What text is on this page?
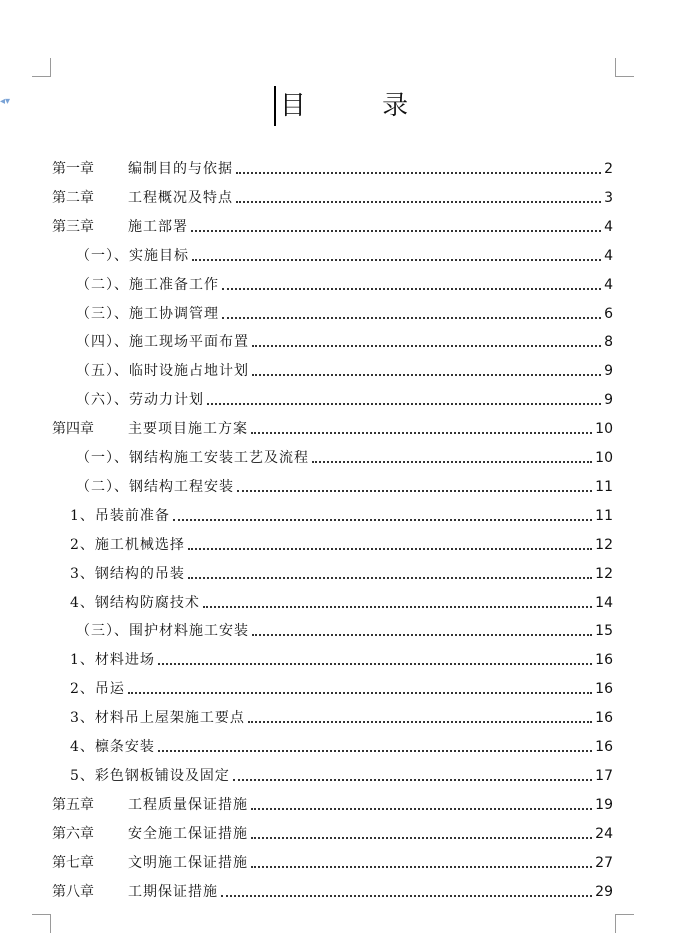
◂▾	目 录
第一章 编制目的与依据	2
第二章 工程概况及特点	3
第三章 施工部署	4
（一）、实施目标	4
（二）、施工准备工作	4
（三）、施工协调管理	6
（四）、施工现场平面布置	8
（五）、临时设施占地计划	9
（六）、劳动力计划	9
第四章 主要项目施工方案	10
（一）、钢结构施工安装工艺及流程	10
（二）、钢结构工程安装	11
1、吊装前准备	11
2、施工机械选择	12
3、钢结构的吊装	12
4、钢结构防腐技术	14
（三）、围护材料施工安装	15
1、材料进场	16
2、吊运	16
3、材料吊上屋架施工要点	16
4、檩条安装	16
5、彩色钢板铺设及固定	17
第五章 工程质量保证措施	19
第六章 安全施工保证措施	24
第七章 文明施工保证措施	27
第八章 工期保证措施	29
